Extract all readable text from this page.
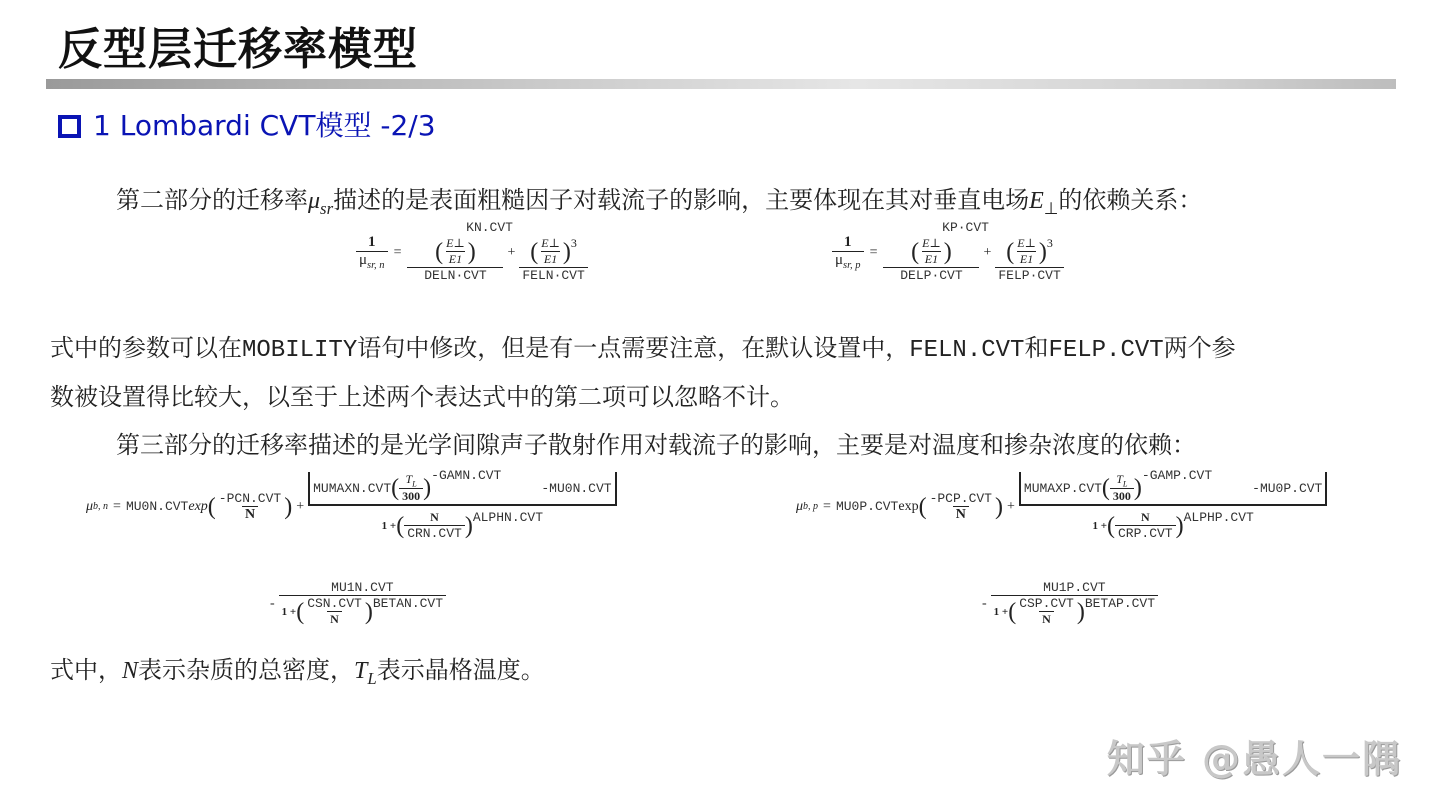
反型层迁移率模型
1 Lombardi CVT模型 -2/3
第二部分的迁移率$\mu_{sr}$描述的是表面粗糙因子对载流子的影响，主要体现在其对垂直电场$E_\perp$的依赖关系：
$\frac{1}{\mu_{sr, n}} = KN.CVT$
( $\frac{E\perp}{E1}$ )
DELN·CVT + $\frac{( \frac{E\perp}{E1} ) 3}{\text{FELN·CVT}}$	$\frac{1}{\mu_{sr, p}} = KP\cdot CVT$
( $\frac{E\perp}{E1}$ )
DELP·CVT + $\frac{( \frac{E\perp}{E1} ) 3}{\text{FELP·CVT}}$
式中的参数可以在MOBILITY语句中修改，但是有一点需要注意，在默认设置中，FELN.CVT和FELP.CVT两个参
数被设置得比较大，以至于上述两个表达式中的第二项可以忽略不计。
第三部分的迁移率描述的是光学间隙声子散射作用对载流子的影响，主要是对温度和掺杂浓度的依赖：
μ b, n = MU0N.CVT exp ( $\frac{\text{-PCN.CVT}}{N}$ ) + MUMAXN.CVT ( $\frac{T_L}{300}$ ) -GAMN.CVT
-MU0N.CVT
1 + ( $\frac{N}{\text{CRN.CVT}}$ ) ALPHN.CVT
- $\frac{\text{MU1N.CVT}}{1 + ( \frac{\text{CSN.CVT}}{N} ) BETAN.CVT}$
μ b, p = MU0P.CVT exp ( $\frac{\text{-PCP.CVT}}{N}$ ) + MUMAXP.CVT ( $\frac{T_L}{300}$ ) -GAMP.CVT
-MU0P.CVT
1 + ( $\frac{N}{\text{CRP.CVT}}$ ) ALPHP.CVT
- $\frac{\text{MU1P.CVT}}{1 + ( \frac{\text{CSP.CVT}}{N} ) BETAP.CVT}$
式中，N表示杂质的总密度，$T_L$表示晶格温度。
知乎 @愚人一隅
